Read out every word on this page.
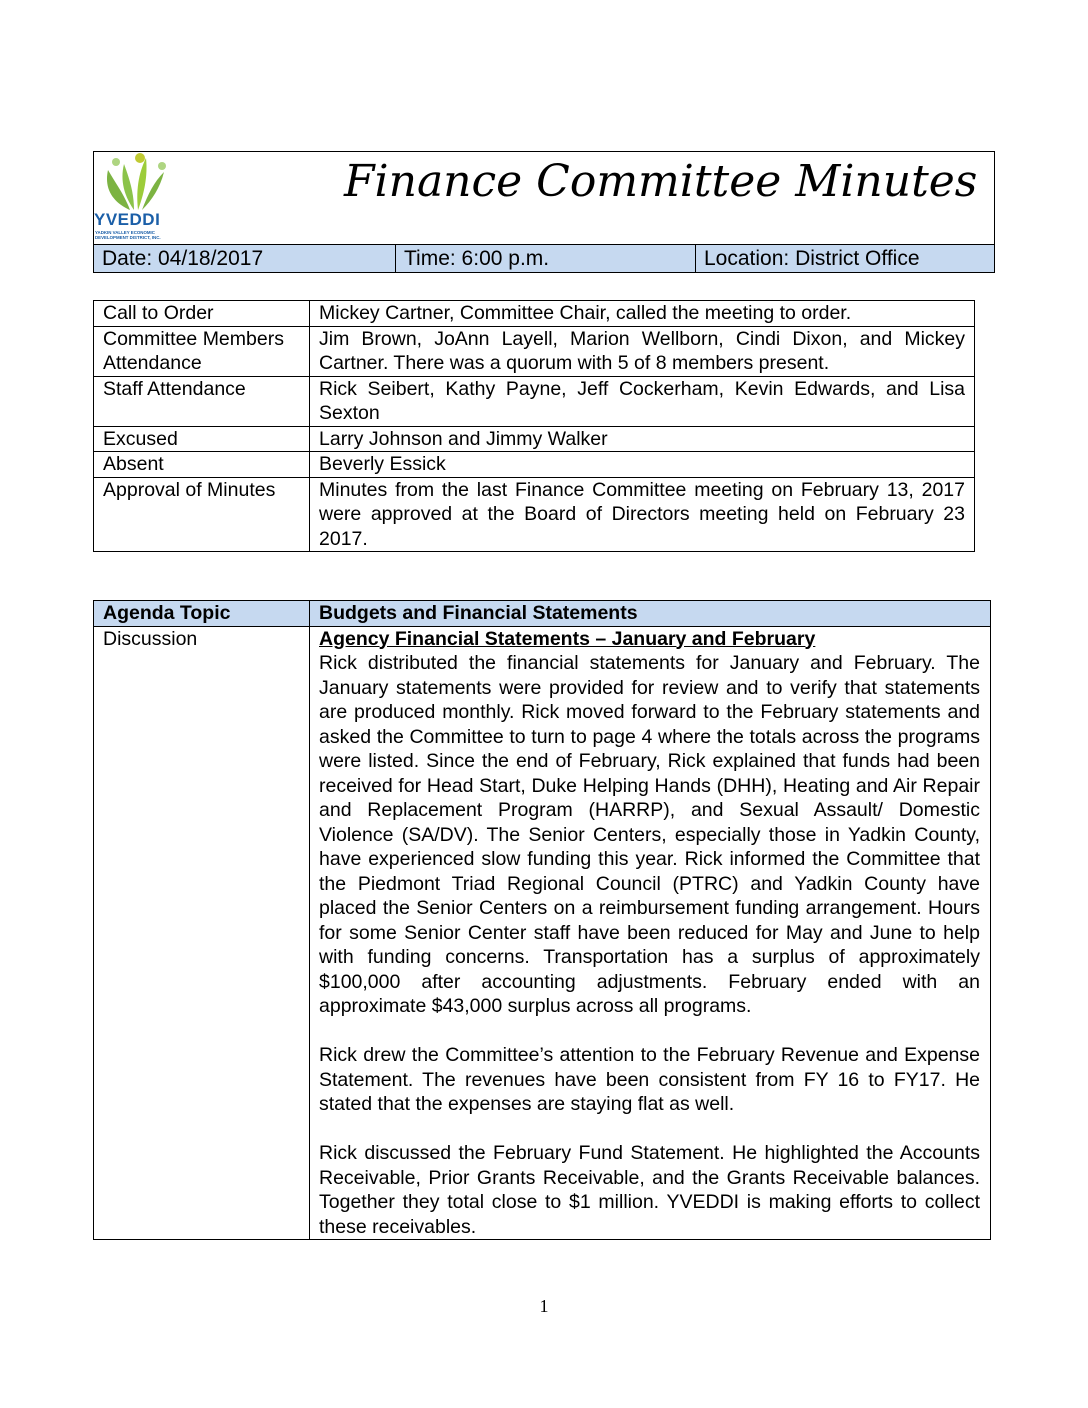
YVEDDI
YADKIN VALLEY ECONOMIC DEVELOPMENT DISTRICT, INC.
Finance Committee Minutes
Date: 04/18/2017	Time: 6:00 p.m.	Location: District Office
Call to Order	Mickey Cartner, Committee Chair, called the meeting to order.
Committee Members Attendance	Jim Brown, JoAnn Layell, Marion Wellborn, Cindi Dixon, and Mickey Cartner. There was a quorum with 5 of 8 members present.
Staff Attendance	Rick Seibert, Kathy Payne, Jeff Cockerham, Kevin Edwards, and Lisa Sexton
Excused	Larry Johnson and Jimmy Walker
Absent	Beverly Essick
Approval of Minutes	Minutes from the last Finance Committee meeting on February 13, 2017 were approved at the Board of Directors meeting held on February 23 2017.
Agenda Topic	Budgets and Financial Statements
Discussion	Agency Financial Statements – January and February

Rick distributed the financial statements for January and February. The January statements were provided for review and to verify that statements are produced monthly. Rick moved forward to the February statements and asked the Committee to turn to page 4 where the totals across the programs were listed. Since the end of February, Rick explained that funds had been received for Head Start, Duke Helping Hands (DHH), Heating and Air Repair and Replacement Program (HARRP), and Sexual Assault/ Domestic Violence (SA/DV). The Senior Centers, especially those in Yadkin County, have experienced slow funding this year. Rick informed the Committee that the Piedmont Triad Regional Council (PTRC) and Yadkin County have placed the Senior Centers on a reimbursement funding arrangement. Hours for some Senior Center staff have been reduced for May and June to help with funding concerns. Transportation has a surplus of approximately $100,000 after accounting adjustments. February ended with an approximate $43,000 surplus across all programs.

Rick drew the Committee’s attention to the February Revenue and Expense Statement. The revenues have been consistent from FY 16 to FY17. He stated that the expenses are staying flat as well.

Rick discussed the February Fund Statement. He highlighted the Accounts Receivable, Prior Grants Receivable, and the Grants Receivable balances. Together they total close to $1 million. YVEDDI is making efforts to collect these receivables.

1
